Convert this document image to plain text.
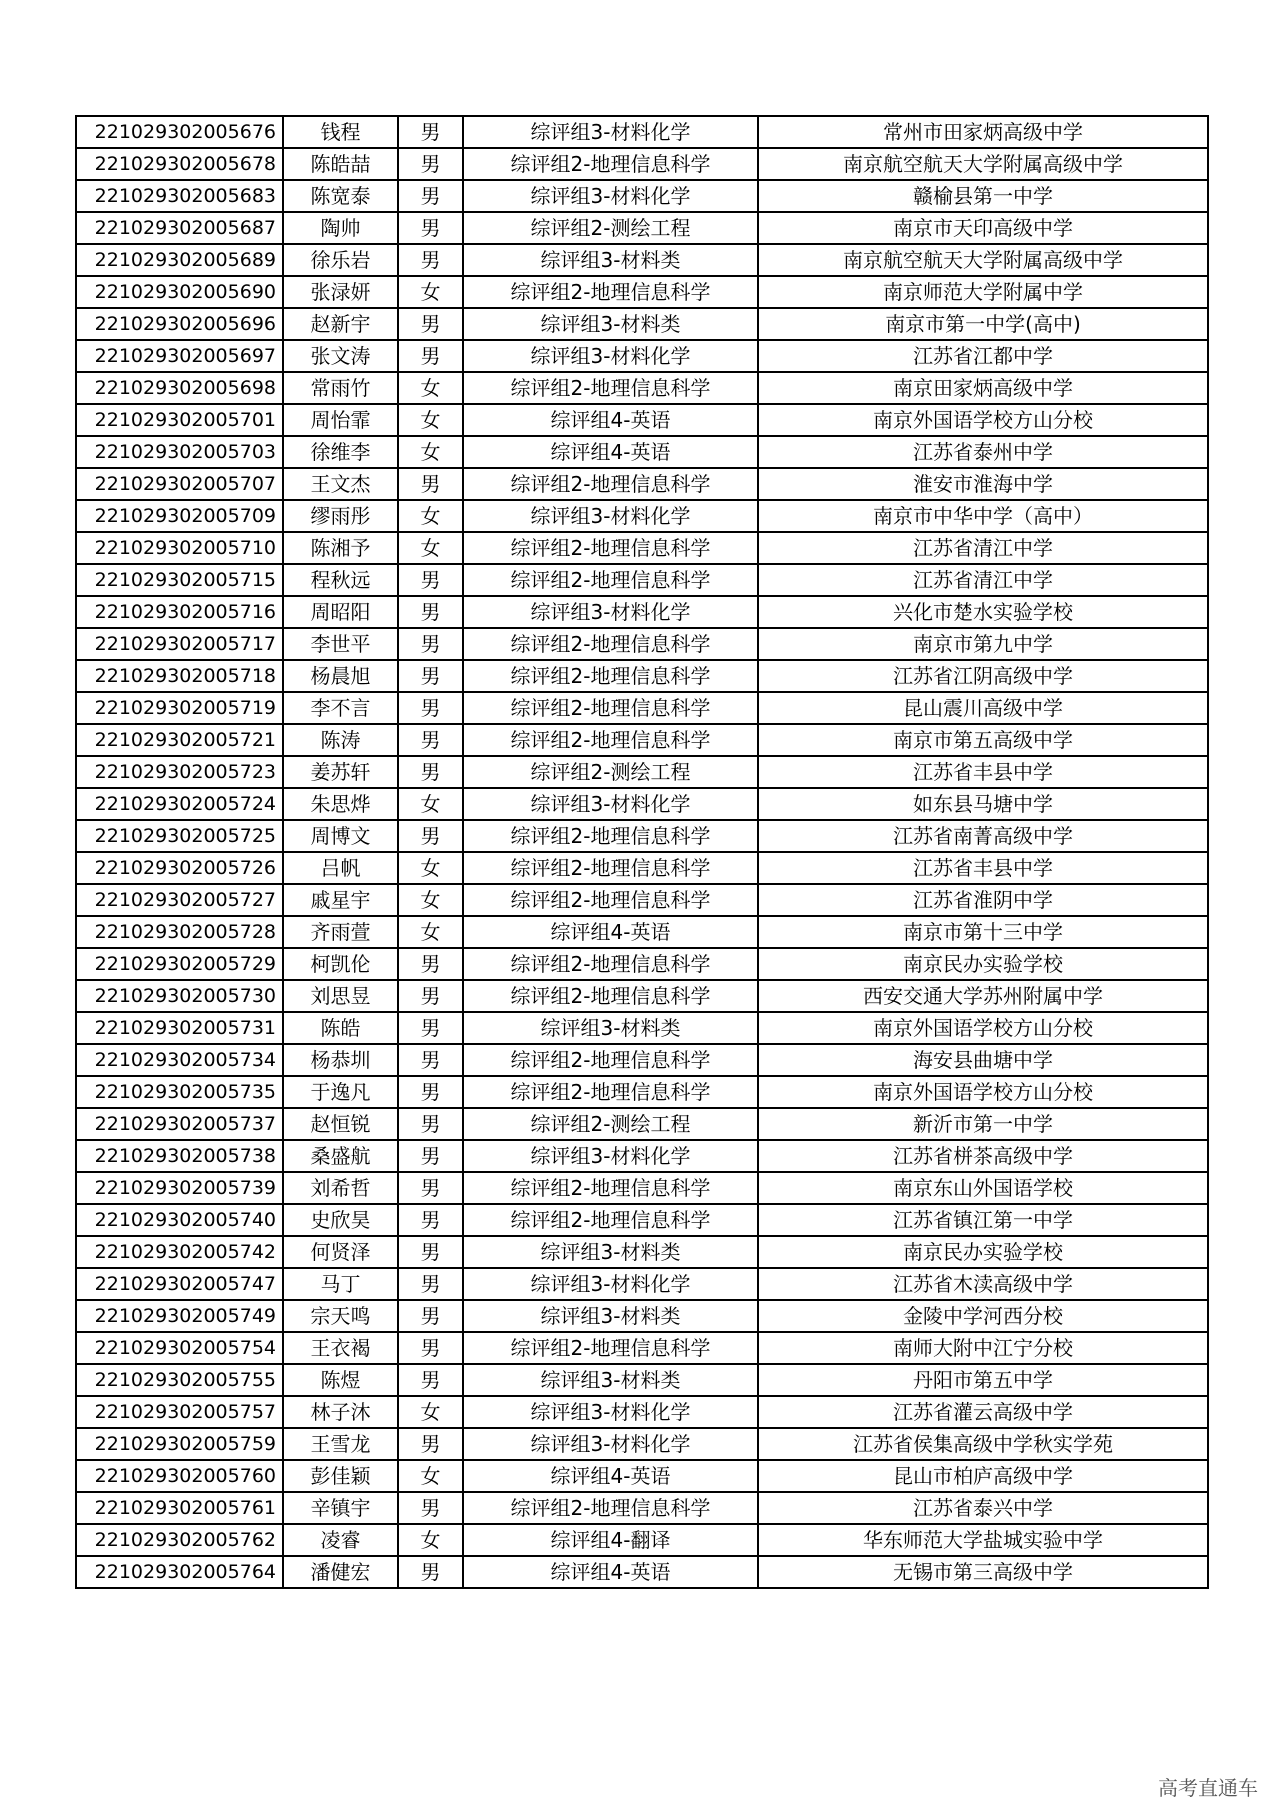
221029302005676	钱程	男	综评组3-材料化学	常州市田家炳高级中学
221029302005678	陈皓喆	男	综评组2-地理信息科学	南京航空航天大学附属高级中学
221029302005683	陈宽泰	男	综评组3-材料化学	赣榆县第一中学
221029302005687	陶帅	男	综评组2-测绘工程	南京市天印高级中学
221029302005689	徐乐岩	男	综评组3-材料类	南京航空航天大学附属高级中学
221029302005690	张渌妍	女	综评组2-地理信息科学	南京师范大学附属中学
221029302005696	赵新宇	男	综评组3-材料类	南京市第一中学(高中)
221029302005697	张文涛	男	综评组3-材料化学	江苏省江都中学
221029302005698	常雨竹	女	综评组2-地理信息科学	南京田家炳高级中学
221029302005701	周怡霏	女	综评组4-英语	南京外国语学校方山分校
221029302005703	徐维李	女	综评组4-英语	江苏省泰州中学
221029302005707	王文杰	男	综评组2-地理信息科学	淮安市淮海中学
221029302005709	缪雨彤	女	综评组3-材料化学	南京市中华中学（高中）
221029302005710	陈湘予	女	综评组2-地理信息科学	江苏省清江中学
221029302005715	程秋远	男	综评组2-地理信息科学	江苏省清江中学
221029302005716	周昭阳	男	综评组3-材料化学	兴化市楚水实验学校
221029302005717	李世平	男	综评组2-地理信息科学	南京市第九中学
221029302005718	杨晨旭	男	综评组2-地理信息科学	江苏省江阴高级中学
221029302005719	李不言	男	综评组2-地理信息科学	昆山震川高级中学
221029302005721	陈涛	男	综评组2-地理信息科学	南京市第五高级中学
221029302005723	姜苏轩	男	综评组2-测绘工程	江苏省丰县中学
221029302005724	朱思烨	女	综评组3-材料化学	如东县马塘中学
221029302005725	周博文	男	综评组2-地理信息科学	江苏省南菁高级中学
221029302005726	吕帆	女	综评组2-地理信息科学	江苏省丰县中学
221029302005727	戚星宇	女	综评组2-地理信息科学	江苏省淮阴中学
221029302005728	齐雨萱	女	综评组4-英语	南京市第十三中学
221029302005729	柯凯伦	男	综评组2-地理信息科学	南京民办实验学校
221029302005730	刘思昱	男	综评组2-地理信息科学	西安交通大学苏州附属中学
221029302005731	陈皓	男	综评组3-材料类	南京外国语学校方山分校
221029302005734	杨恭圳	男	综评组2-地理信息科学	海安县曲塘中学
221029302005735	于逸凡	男	综评组2-地理信息科学	南京外国语学校方山分校
221029302005737	赵恒锐	男	综评组2-测绘工程	新沂市第一中学
221029302005738	桑盛航	男	综评组3-材料化学	江苏省栟茶高级中学
221029302005739	刘希哲	男	综评组2-地理信息科学	南京东山外国语学校
221029302005740	史欣昊	男	综评组2-地理信息科学	江苏省镇江第一中学
221029302005742	何贤泽	男	综评组3-材料类	南京民办实验学校
221029302005747	马丁	男	综评组3-材料化学	江苏省木渎高级中学
221029302005749	宗天鸣	男	综评组3-材料类	金陵中学河西分校
221029302005754	王衣褐	男	综评组2-地理信息科学	南师大附中江宁分校
221029302005755	陈煜	男	综评组3-材料类	丹阳市第五中学
221029302005757	林子沐	女	综评组3-材料化学	江苏省灌云高级中学
221029302005759	王雪龙	男	综评组3-材料化学	江苏省侯集高级中学秋实学苑
221029302005760	彭佳颖	女	综评组4-英语	昆山市柏庐高级中学
221029302005761	辛镇宇	男	综评组2-地理信息科学	江苏省泰兴中学
221029302005762	凌睿	女	综评组4-翻译	华东师范大学盐城实验中学
221029302005764	潘健宏	男	综评组4-英语	无锡市第三高级中学
高考直通车
